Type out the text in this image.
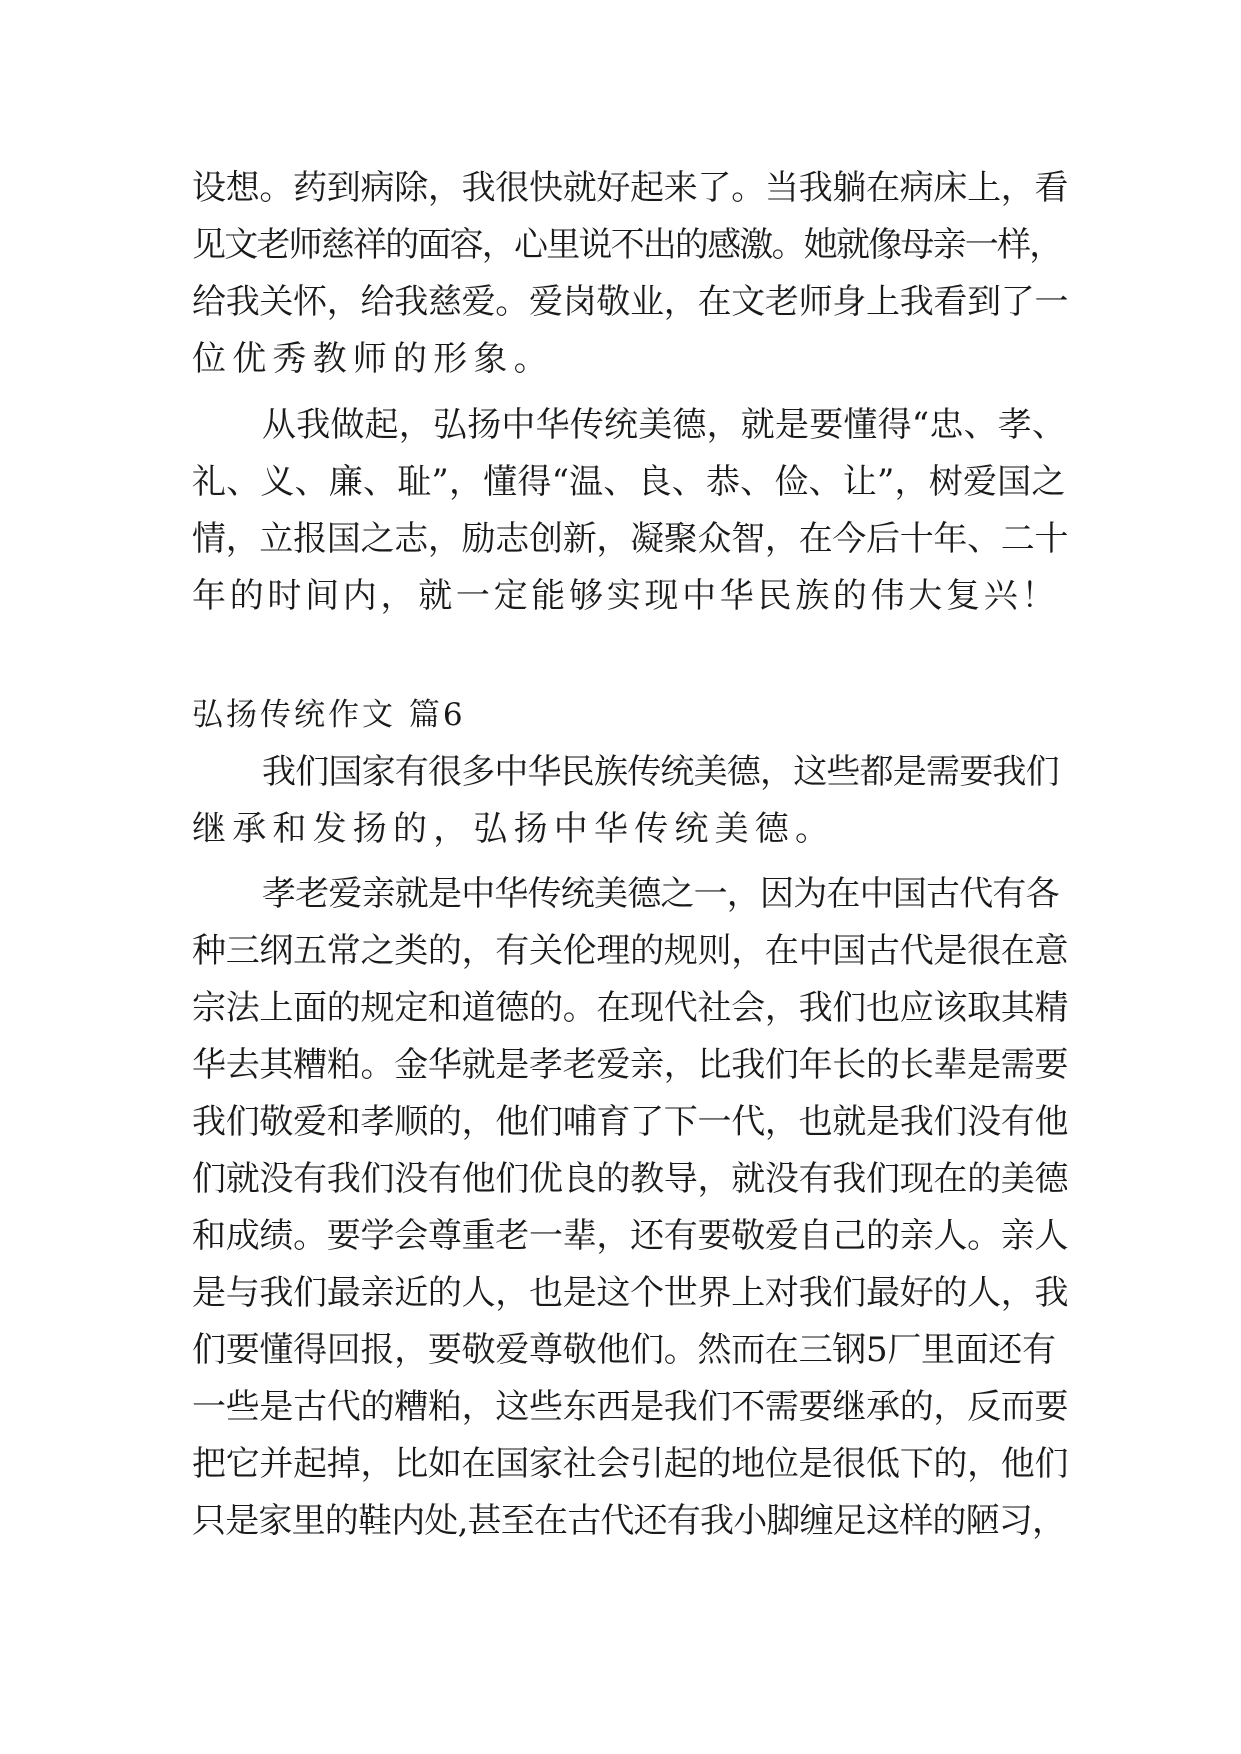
设想。药到病除，我很快就好起来了。当我躺在病床上，看
见文老师慈祥的面容，心里说不出的感激。她就像母亲一样，
给我关怀，给我慈爱。爱岗敬业，在文老师身上我看到了一
位优秀教师的形象。
从我做起，弘扬中华传统美德，就是要懂得“忠、孝、
礼、义、廉、耻”，懂得“温、良、恭、俭、让”，树爱国之
情，立报国之志，励志创新，凝聚众智，在今后十年、二十
年的时间内，就一定能够实现中华民族的伟大复兴！
弘扬传统作文 篇6
我们国家有很多中华民族传统美德，这些都是需要我们
继承和发扬的，弘扬中华传统美德。
孝老爱亲就是中华传统美德之一，因为在中国古代有各
种三纲五常之类的，有关伦理的规则，在中国古代是很在意
宗法上面的规定和道德的。在现代社会，我们也应该取其精
华去其糟粕。金华就是孝老爱亲，比我们年长的长辈是需要
我们敬爱和孝顺的，他们哺育了下一代，也就是我们没有他
们就没有我们没有他们优良的教导，就没有我们现在的美德
和成绩。要学会尊重老一辈，还有要敬爱自己的亲人。亲人
是与我们最亲近的人，也是这个世界上对我们最好的人，我
们要懂得回报，要敬爱尊敬他们。然而在三钢5厂里面还有
一些是古代的糟粕，这些东西是我们不需要继承的，反而要
把它并起掉，比如在国家社会引起的地位是很低下的，他们
只是家里的鞋内处,甚至在古代还有我小脚缠足这样的陋习，
